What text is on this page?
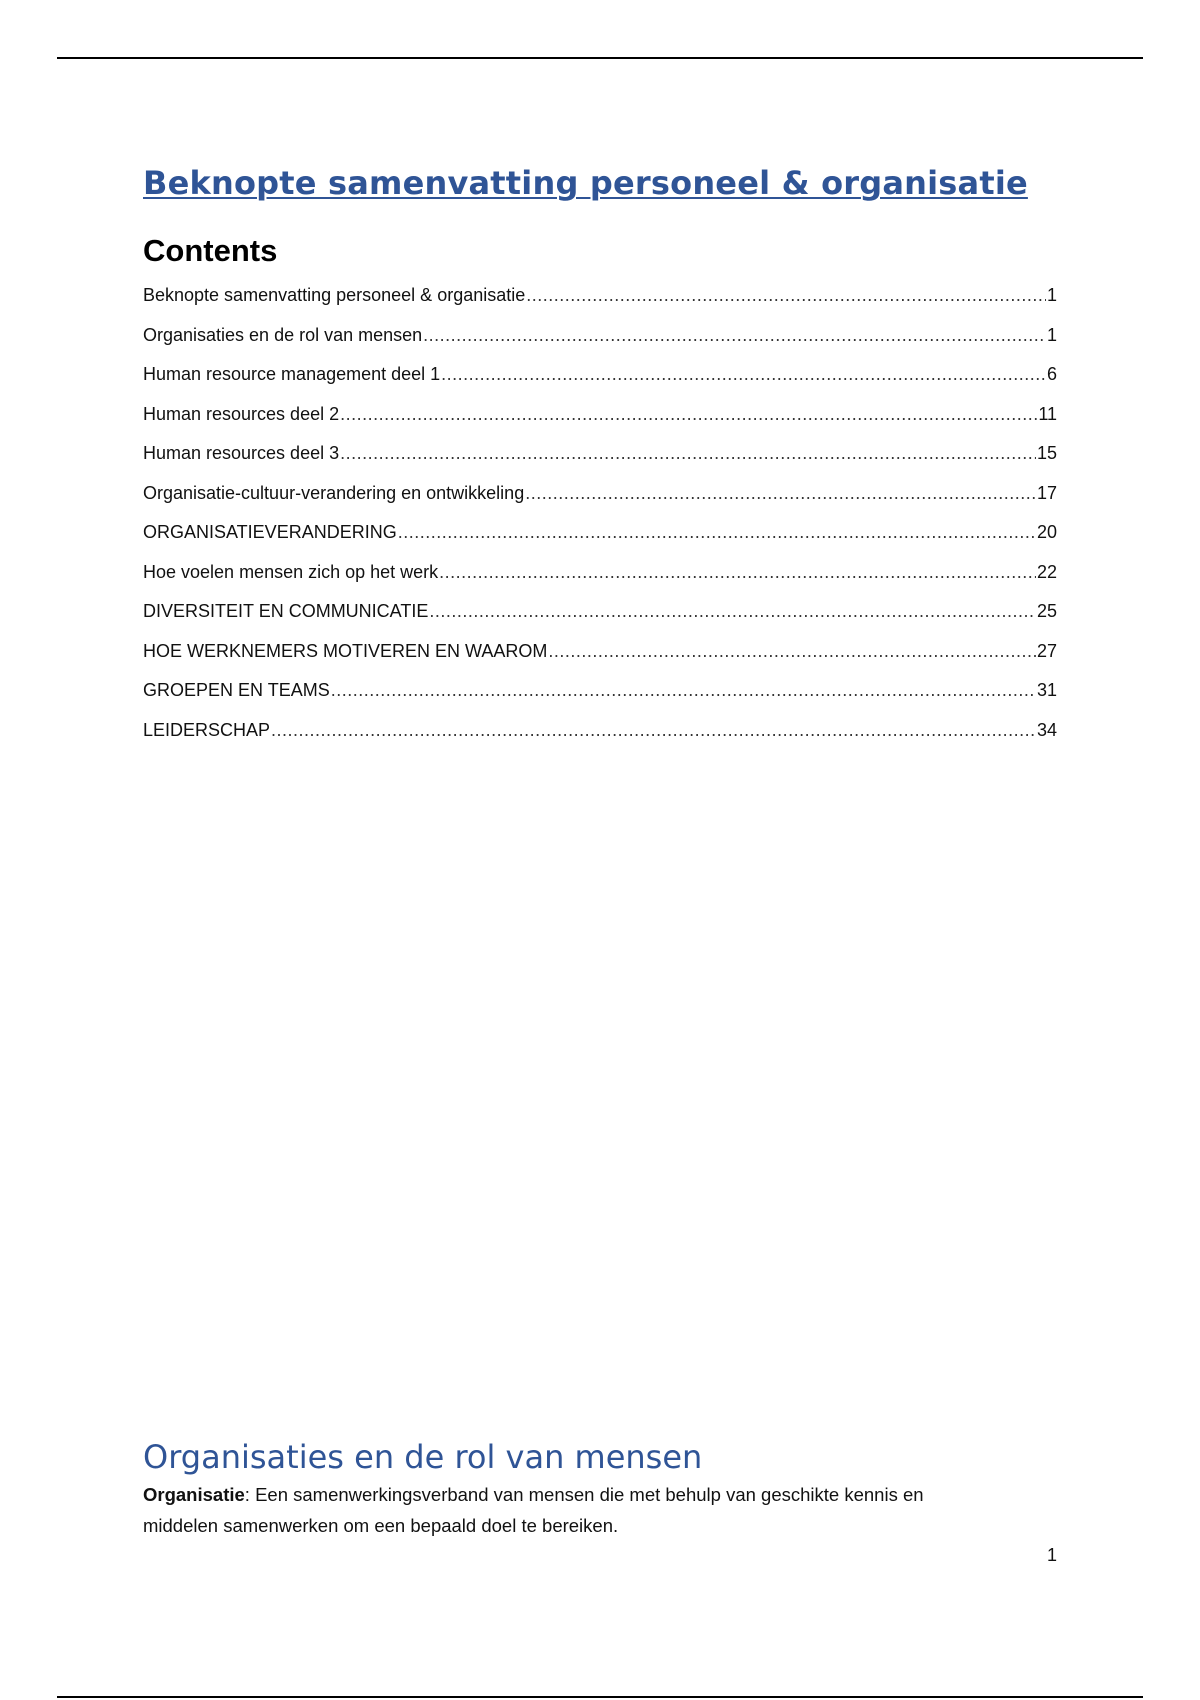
Beknopte samenvatting personeel & organisatie
Contents
Beknopte samenvatting personeel & organisatie .....	1
Organisaties en de rol van mensen .....	1
Human resource management deel 1 .....	6
Human resources deel 2 .....	11
Human resources deel 3 .....	15
Organisatie-cultuur-verandering en ontwikkeling .....	17
ORGANISATIEVERANDERING .....	20
Hoe voelen mensen zich op het werk .....	22
DIVERSITEIT EN COMMUNICATIE .....	25
HOE WERKNEMERS MOTIVEREN EN WAAROM .....	27
GROEPEN EN TEAMS .....	31
LEIDERSCHAP .....	34
Organisaties en de rol van mensen

Organisatie: Een samenwerkingsverband van mensen die met behulp van geschikte kennis en middelen samenwerken om een bepaald doel te bereiken.

1
